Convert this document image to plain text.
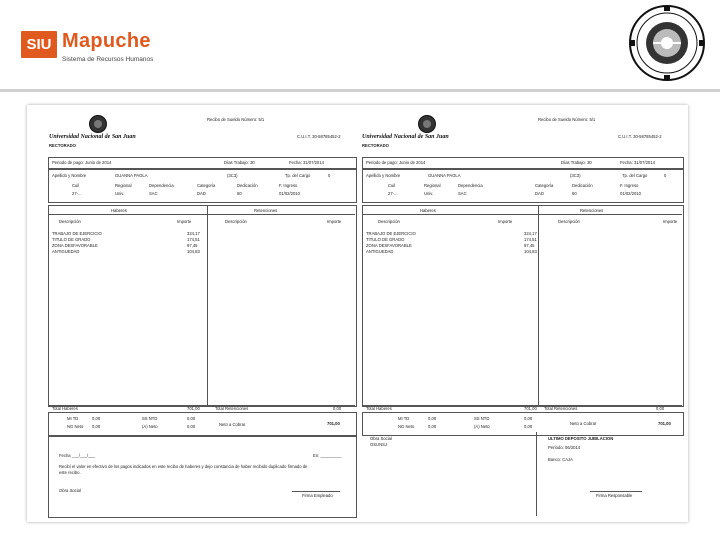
SIU Mapuche
Sistema de Recursos Humanos
Recibo de Sueldo Número: 5/1
Universidad Nacional de San Juan
RECTORADO
C.U.I.T. 30-58785452-2
Periodo de pago: Junio de 2014	Días Trabajo: 30	Fecha: 31/07/2014
Apellido y Nombre	GUANNA PAOLA	(3C3)	Tp. del Cargo	0
Cuil	Regional	Dependencia	Categoría	Dedicación	F. Ingreso
27-...	Univ.	SAC	DAD	60	01/02/2010
Haberes	Retenciones
Descripción	Importe	Descripción	Importe
TRABAJO DE EJERCICIO	324,17
TITULO DE GRADO	174,51
ZONA DESFAVORABLE	97,45
ANTIGUEDAD	104,83
Total Haberes	701,00	Total Retenciones	0,00
MI TD	0,00	SS NTD	0,00
NG Neto 0,00	(A) Neto	0,00	Neto a Cobrar	701,00
Fecha ___/___/___	En: _________
Recibí el valor en efectivo de los pagos indicados en este recibo de haberes y dejo constancia de haber recibido duplicado firmado de este recibo.
Obra Social
Firma Empleado
Recibo de Sueldo Número: 5/1
Universidad Nacional de San Juan
RECTORADO
C.U.I.T. 30-58785452-2
Periodo de pago: Junio de 2014	Días Trabajo: 30	Fecha: 31/07/2014
Apellido y Nombre	GUANNA PAOLA	(3C3)	Tp. del Cargo	0
Cuil	Regional	Dependencia	Categoría	Dedicación	F. Ingreso
27-...	Univ.	SAC	DAD	60	01/02/2010
Haberes	Retenciones
Descripción	Importe	Descripción	Importe
TRABAJO DE EJERCICIO	324,17
TITULO DE GRADO	174,51
ZONA DESFAVORABLE	97,45
ANTIGUEDAD	104,83
Total Haberes	701,00 Total Retenciones	0,00
MI TD	0,00	SS NTD	0,00
NG Neto	0,00	(A) Neto	0,00
Neto a Cobrar	701,00
Obra Social
OSUNSJ
ULTIMO DEPOSITO JUBILACION
Período: 06/2014
Banco: CAJA
Firma Responsable
